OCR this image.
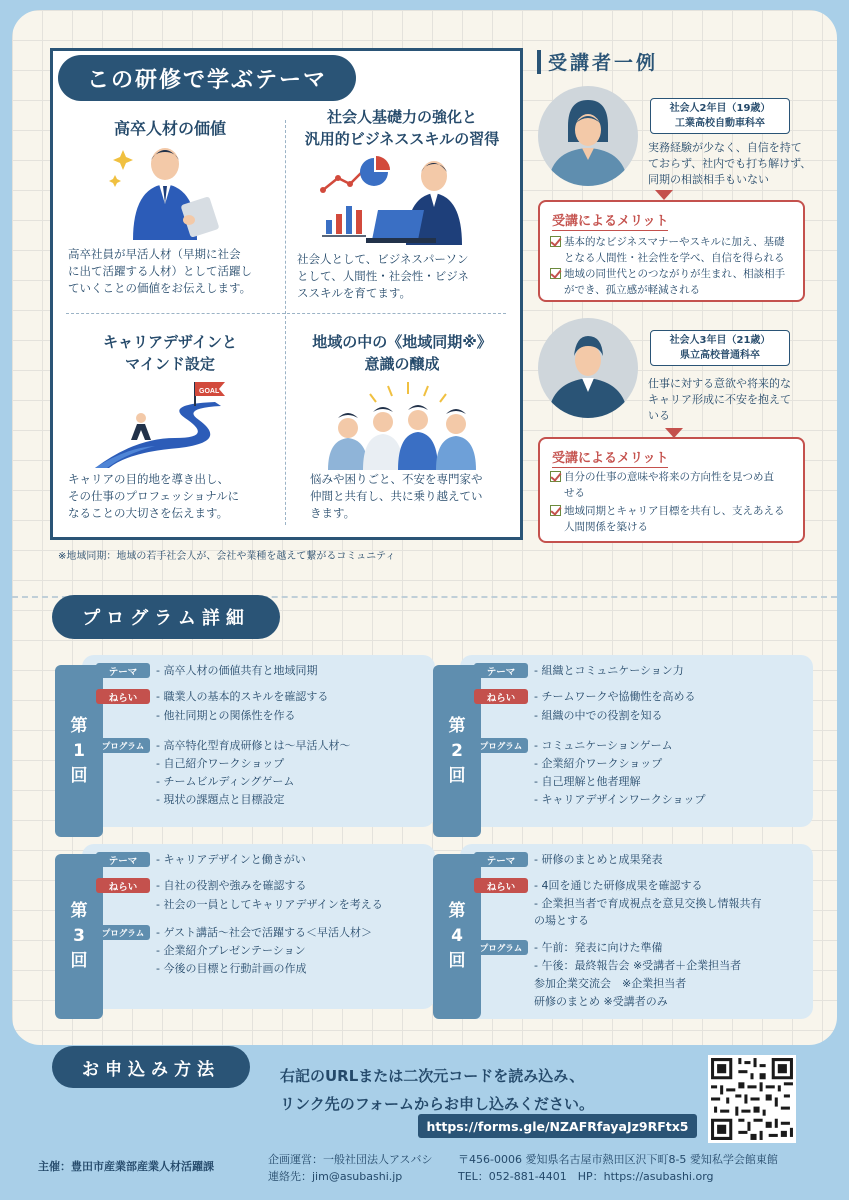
この研修で学ぶテーマ
高卒人材の価値
高卒社員が早活人材（早期に社会
に出て活躍する人材）として活躍し
ていくことの価値をお伝えします。
社会人基礎力の強化と
汎用的ビジネススキルの習得
社会人として、ビジネスパーソン
として、人間性・社会性・ビジネ
ススキルを育てます。
キャリアデザインと
マインド設定
GOAL
キャリアの目的地を導き出し、
その仕事のプロフェッショナルに
なることの大切さを伝えます。
地域の中の《地域同期※》
意識の醸成
悩みや困りごと、不安を専門家や
仲間と共有し、共に乗り越えてい
きます。
※地域同期：地域の若手社会人が、会社や業種を越えて繋がるコミュニティ
受講者一例
社会人2年目（19歳）
工業高校自動車科卒
実務経験が少なく、自信を持て
ておらず、社内でも打ち解けず、
同期の相談相手もいない
受講によるメリット
基本的なビジネスマナーやスキルに加え、基礎
となる人間性・社会性を学べ、自信を得られる
地域の同世代とのつながりが生まれ、相談相手
ができ、孤立感が軽減される
社会人3年目（21歳）
県立高校普通科卒
仕事に対する意欲や将来的な
キャリア形成に不安を抱えて
いる
受講によるメリット
自分の仕事の意味や将来の方向性を見つめ直
せる
地域同期とキャリア目標を共有し、支えあえる
人間関係を築ける
プログラム詳細
第
1
回
テーマ	- 高卒人材の価値共有と地域同期
ねらい	- 職業人の基本的スキルを確認する
- 他社同期との関係性を作る
プログラム	- 高卒特化型育成研修とは〜早活人材〜
- 自己紹介ワークショップ
- チームビルディングゲーム
- 現状の課題点と目標設定
第
2
回
テーマ	- 組織とコミュニケーション力
ねらい	- チームワークや協働性を高める
- 組織の中での役割を知る
プログラム	- コミュニケーションゲーム
- 企業紹介ワークショップ
- 自己理解と他者理解
- キャリアデザインワークショップ
第
3
回
テーマ	- キャリアデザインと働きがい
ねらい	- 自社の役割や強みを確認する
- 社会の一員としてキャリアデザインを考える
プログラム	- ゲスト講話〜社会で活躍する＜早活人材＞
- 企業紹介プレゼンテーション
- 今後の目標と行動計画の作成
第
4
回
テーマ	- 研修のまとめと成果発表
ねらい	- 4回を通じた研修成果を確認する
- 企業担当者で育成視点を意見交換し情報共有
の場とする
プログラム	- 午前：発表に向けた準備
- 午後：最終報告会 ※受講者＋企業担当者
参加企業交流会　※企業担当者
研修のまとめ ※受講者のみ
お申込み方法	右記のURLまたは二次元コードを読み込み、
リンク先のフォームからお申し込みください。
https://forms.gle/NZAFRfayaJz9RFtx5
主催：豊田市産業部産業人材活躍課
企画運営：一般社団法人アスバシ
連絡先：jim@asubashi.jp
〒456-0006 愛知県名古屋市熱田区沢下町8-5 愛知私学会館東館
TEL：052-881-4401　HP：https://asubashi.org
